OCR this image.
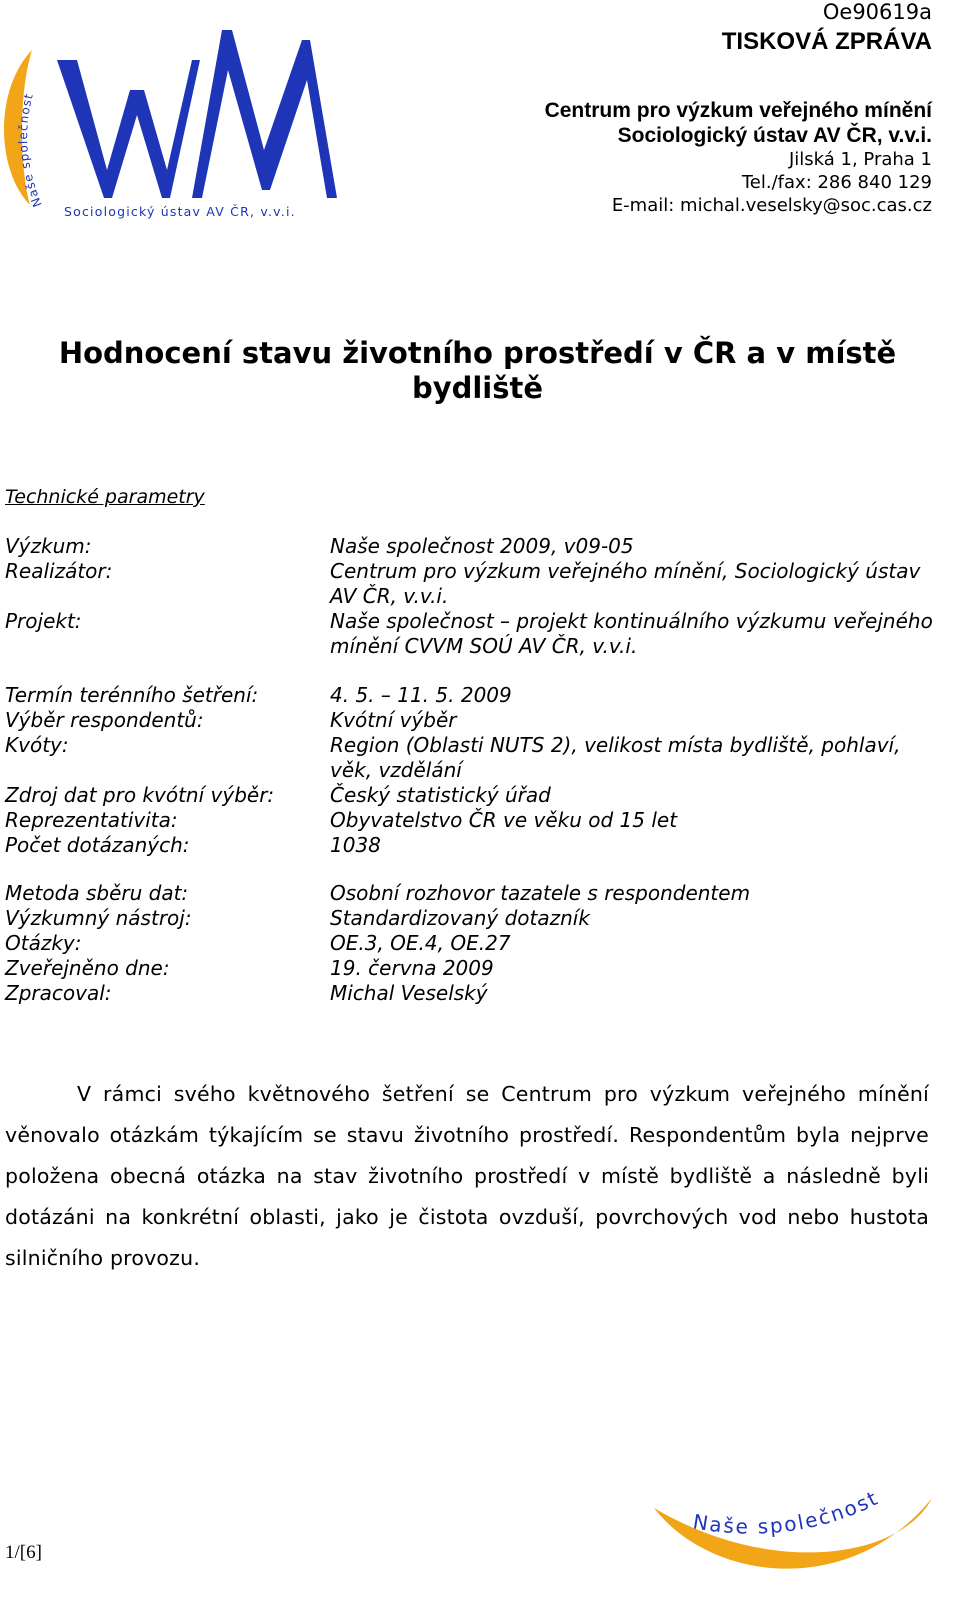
Naše společnost
Sociologický ústav AV ČR, v.v.i.
Oe90619a
TISKOVÁ ZPRÁVA
Centrum pro výzkum veřejného mínění
Sociologický ústav AV ČR, v.v.i.
Jilská 1, Praha 1
Tel./fax: 286 840 129
E-mail: michal.veselsky@soc.cas.cz
Hodnocení stavu životního prostředí v ČR a v místě bydliště
Technické parametry
Výzkum:	Naše společnost 2009, v09-05
Realizátor:	Centrum pro výzkum veřejného mínění, Sociologický ústav AV ČR, v.v.i.
Projekt:	Naše společnost – projekt kontinuálního výzkumu veřejného mínění CVVM SOÚ AV ČR, v.v.i.
Termín terénního šetření:	4. 5. – 11. 5. 2009
Výběr respondentů:	Kvótní výběr
Kvóty:	Region (Oblasti NUTS 2), velikost místa bydliště, pohlaví, věk, vzdělání
Zdroj dat pro kvótní výběr:	Český statistický úřad
Reprezentativita:	Obyvatelstvo ČR ve věku od 15 let
Počet dotázaných:	1038
Metoda sběru dat:	Osobní rozhovor tazatele s respondentem
Výzkumný nástroj:	Standardizovaný dotazník
Otázky:	OE.3, OE.4, OE.27
Zveřejněno dne:	19. června 2009
Zpracoval:	Michal Veselský
V rámci svého květnového šetření se Centrum pro výzkum veřejného mínění věnovalo otázkám týkajícím se stavu životního prostředí. Respondentům byla nejprve položena obecná otázka na stav životního prostředí v místě bydliště a následně byli dotázáni na konkrétní oblasti, jako je čistota ovzduší, povrchových vod nebo hustota silničního provozu.
1/[6]
Naše společnost
